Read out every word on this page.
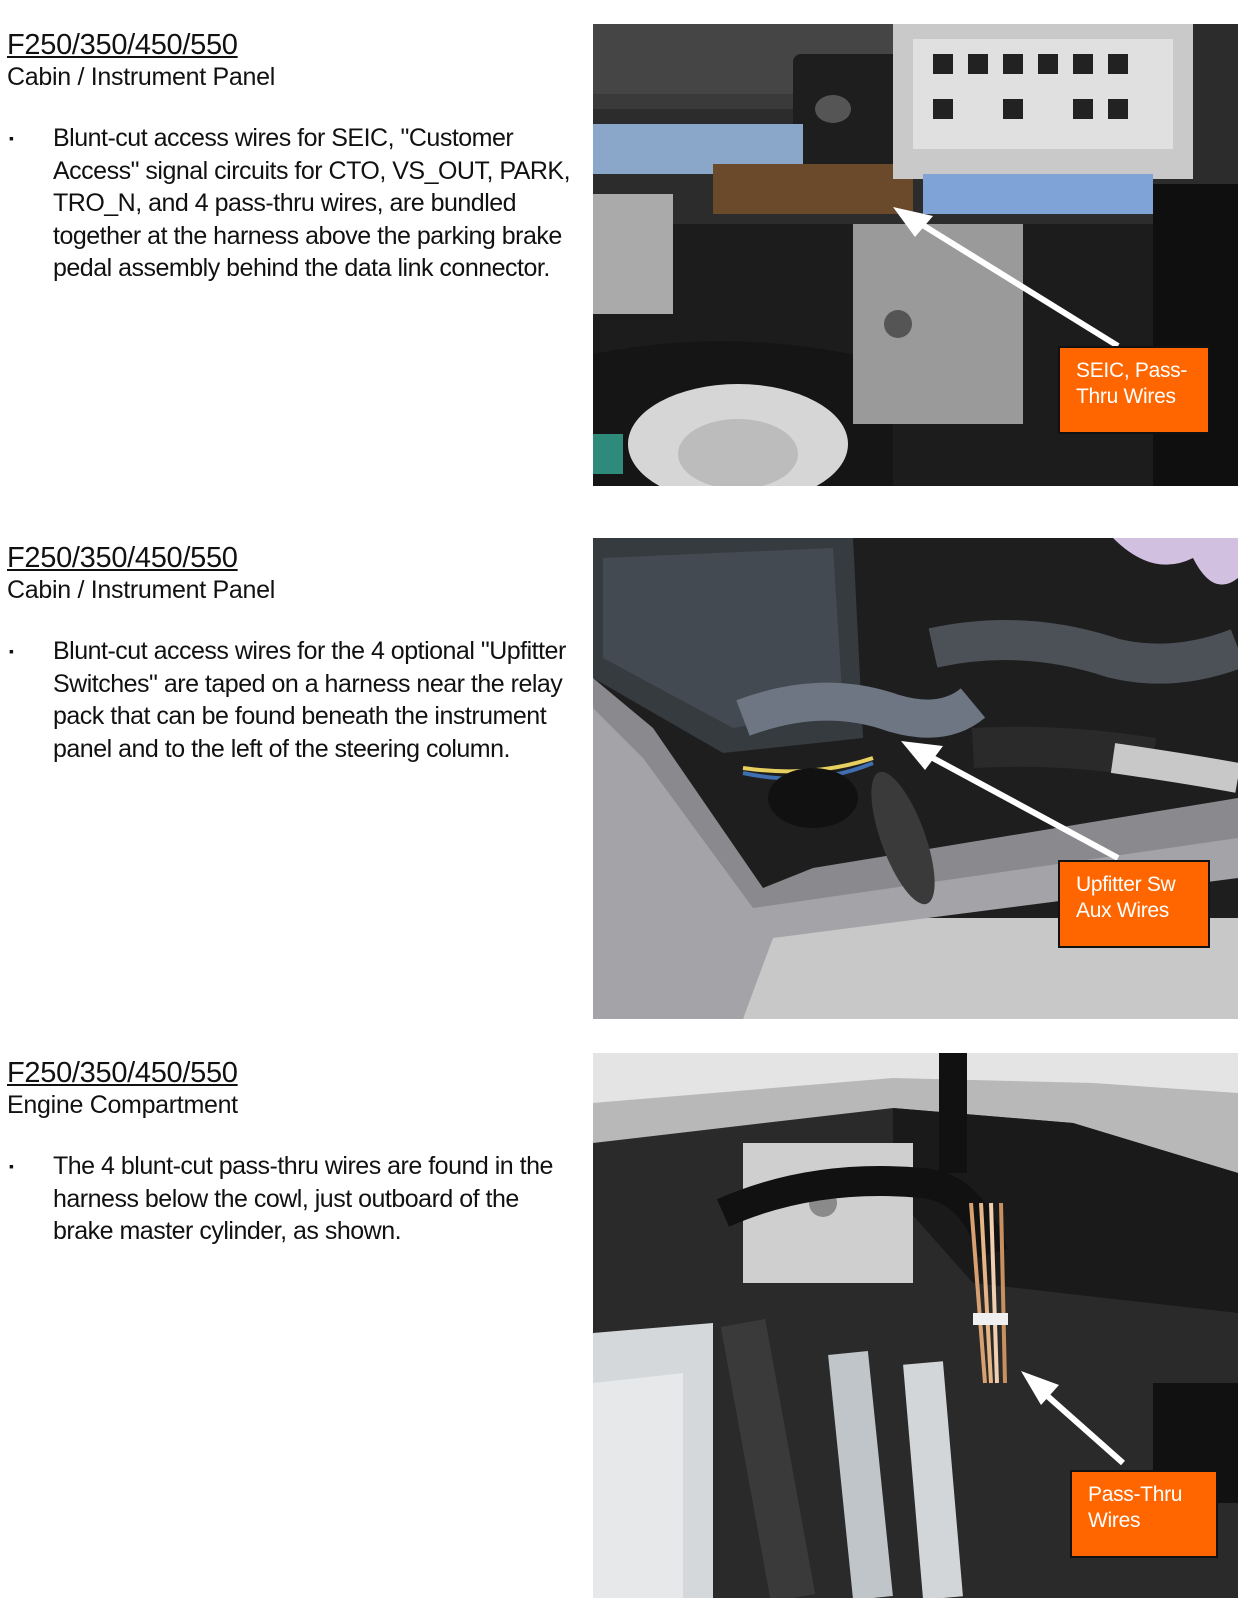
F250/350/450/550
Cabin / Instrument Panel
▪	Blunt-cut access wires for SEIC, "Customer Access" signal circuits for CTO, VS_OUT, PARK, TRO_N, and 4 pass-thru wires, are bundled together at the harness above the parking brake pedal assembly behind the data link connector.
SEIC, Pass-
Thru Wires
F250/350/450/550
Cabin / Instrument Panel
▪	Blunt-cut access wires for the 4 optional "Upfitter Switches" are taped on a harness near the relay pack that can be found beneath the instrument panel and to the left of the steering column.
Upfitter Sw
Aux Wires
F250/350/450/550
Engine Compartment
▪	The 4 blunt-cut pass-thru wires are found in the harness below the cowl, just outboard of the brake master cylinder, as shown.
Pass-Thru
Wires
